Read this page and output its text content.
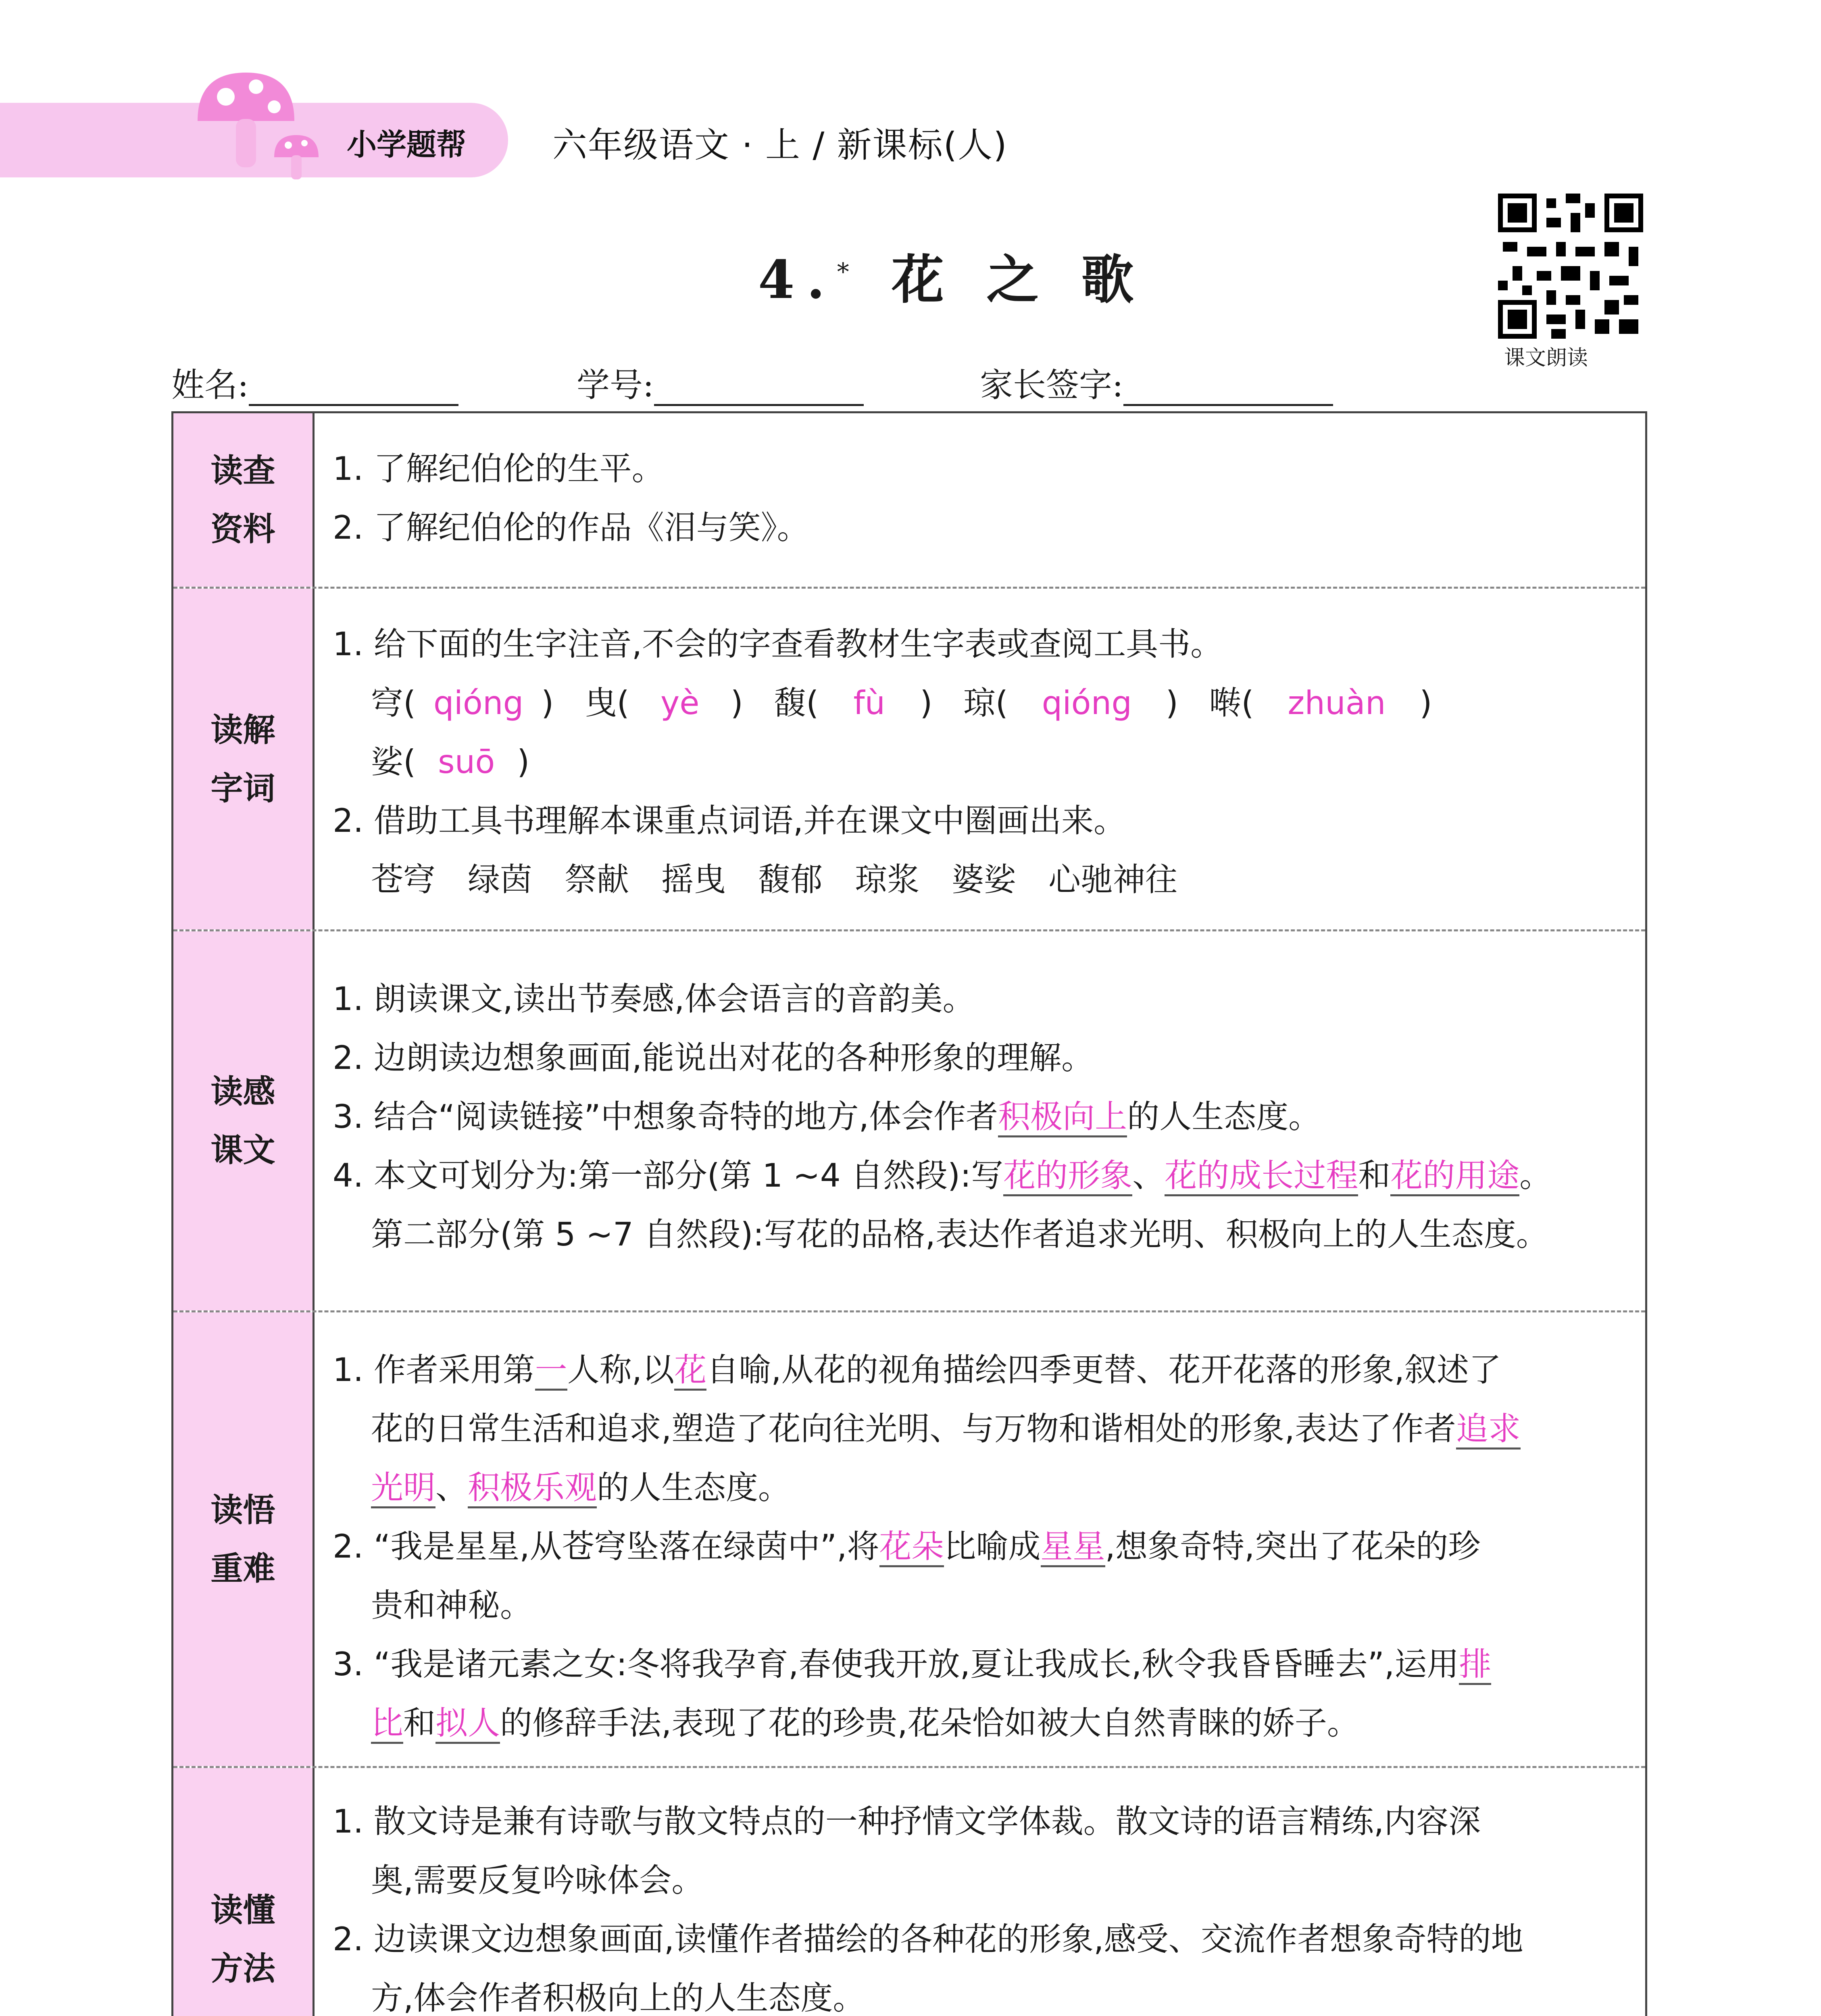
小学题帮 六年级语文 · 上 ∕ 新课标(人)
4.* 花 之 歌
课文朗读
姓名:	学号:	家长签字:
读查
资料

1. 了解纪伯伦的生平。

2. 了解纪伯伦的作品《泪与笑》。

读解
字词

1. 给下面的生字注音,不会的字查看教材生字表或查阅工具书。

穹( qióng )   曳( yè )   馥( fù )   琼( qióng )   啭( zhuàn )

娑( suō )

2. 借助工具书理解本课重点词语,并在课文中圈画出来。

苍穹　绿茵　祭献　摇曳　馥郁　琼浆　婆娑　心驰神往

读感
课文

1. 朗读课文,读出节奏感,体会语言的音韵美。

2. 边朗读边想象画面,能说出对花的各种形象的理解。

3. 结合“阅读链接”中想象奇特的地方,体会作者积极向上的人生态度。

4. 本文可划分为:第一部分(第 1 ~4 自然段):写花的形象、花的成长过程和花的用途。

第二部分(第 5 ~7 自然段):写花的品格,表达作者追求光明、积极向上的人生态度。

读悟
重难

1. 作者采用第一人称,以花自喻,从花的视角描绘四季更替、花开花落的形象,叙述了

花的日常生活和追求,塑造了花向往光明、与万物和谐相处的形象,表达了作者追求

光明、积极乐观的人生态度。

2. “我是星星,从苍穹坠落在绿茵中”,将花朵比喻成星星,想象奇特,突出了花朵的珍

贵和神秘。

3. “我是诸元素之女:冬将我孕育,春使我开放,夏让我成长,秋令我昏昏睡去”,运用排

比和拟人的修辞手法,表现了花的珍贵,花朵恰如被大自然青睐的娇子。

读懂
方法

1. 散文诗是兼有诗歌与散文特点的一种抒情文学体裁。散文诗的语言精练,内容深

奥,需要反复吟咏体会。

2. 边读课文边想象画面,读懂作者描绘的各种花的形象,感受、交流作者想象奇特的地

方,体会作者积极向上的人生态度。
